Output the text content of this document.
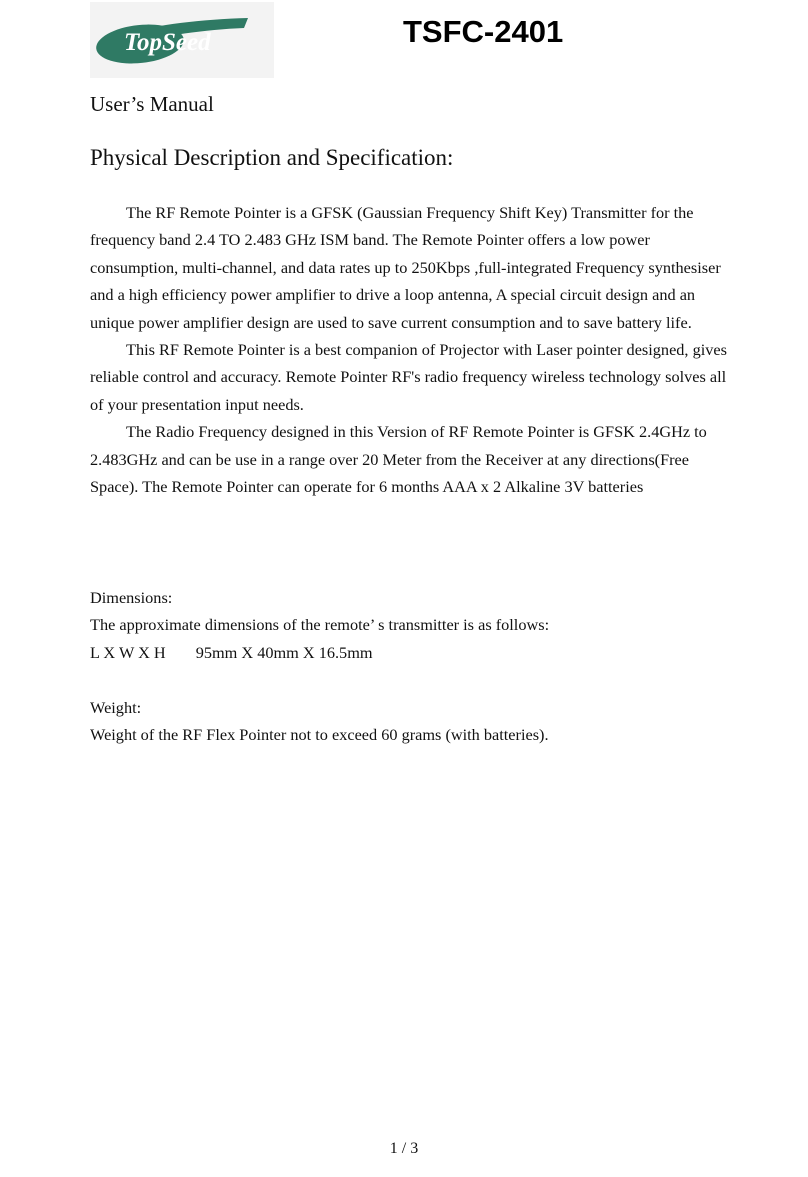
TopSeed	TSFC-2401
User’s Manual
Physical Description and Specification:

The RF Remote Pointer is a GFSK (Gaussian Frequency Shift Key) Transmitter for the frequency band 2.4 TO 2.483 GHz ISM band. The Remote Pointer offers a low power consumption, multi-channel, and data rates up to 250Kbps ,full-integrated Frequency synthesiser and a high efficiency power amplifier to drive a loop antenna, A special circuit design and an unique power amplifier design are used to save current consumption and to save battery life.

This RF Remote Pointer is a best companion of Projector with Laser pointer designed, gives reliable control and accuracy. Remote Pointer RF's radio frequency wireless technology solves all of your presentation input needs.

The Radio Frequency designed in this Version of RF Remote Pointer is GFSK 2.4GHz to 2.483GHz and can be use in a range over 20 Meter from the Receiver at any directions(Free Space). The Remote Pointer can operate for 6 months AAA x 2 Alkaline 3V batteries

Dimensions:
The approximate dimensions of the remote’ s transmitter is as follows:
L X W X H 95mm X 40mm X 16.5mm
Weight:
Weight of the RF Flex Pointer not to exceed 60 grams (with batteries).
1 / 3
